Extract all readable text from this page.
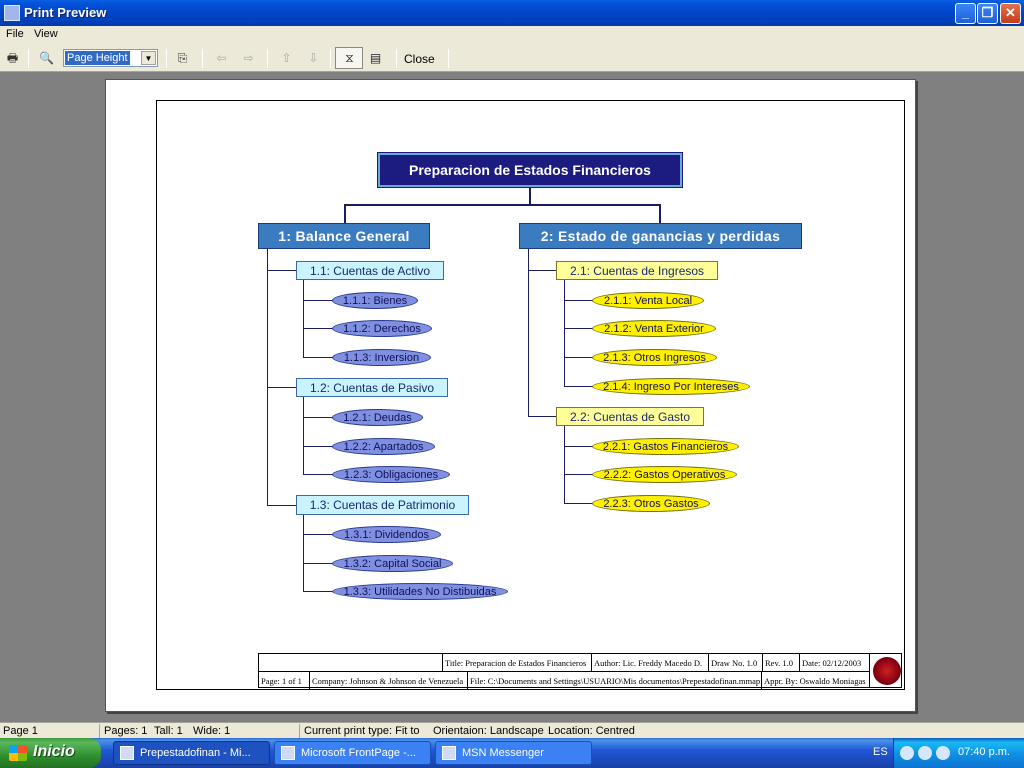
Print Preview	_ ❐ ✕
File View
🖶 🔍	⎘	⇦ ⇨ ⇧ ⇩	⧖	▤
Page Height	▼	Close
Preparacion de Estados Financieros
1: Balance General	2: Estado de ganancias y perdidas
1.1: Cuentas de Activo
1.1.1: Bienes
1.1.2: Derechos
1.1.3: Inversion
1.2: Cuentas de Pasivo
1.2.1: Deudas
1.2.2: Apartados
1.2.3: Obligaciones
1.3: Cuentas de Patrimonio
1.3.1: Dividendos
1.3.2: Capital Social
1.3.3: Utilidades No Distibuidas
2.1: Cuentas de Ingresos
2.1.1: Venta Local
2.1.2: Venta Exterior
2.1.3: Otros Ingresos
2.1.4: Ingreso Por Intereses
2.2: Cuentas de Gasto
2.2.1: Gastos Financieros
2.2.2: Gastos Operativos
2.2.3: Otros Gastos
Title: Preparacion de Estados Financieros Author: Lic. Freddy Macedo D.	Draw No. 1.0 Rev. 1.0	Date: 02/12/2003
Page: 1 of 1	Company: Johnson & Johnson de Venezuela File: C:\Documents and Settings\USUARIO\Mis documentos\Prepestadofinan.mmap Appr. By: Oswaldo Moniagas
Page 1	Pages: 1 Tall: 1 Wide: 1	Current print type: Fit to Orientaion: Landscape Location: Centred
Inicio	Prepestadofinan - Mi...	Microsoft FrontPage -...	MSN Messenger	ES	07:40 p.m.
